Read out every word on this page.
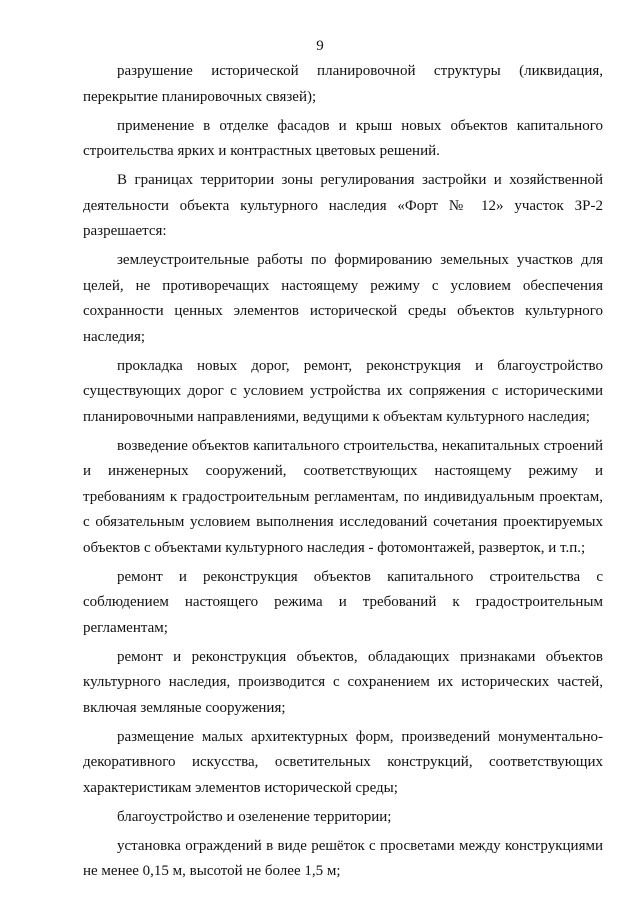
9

разрушение исторической планировочной структуры (ликвидация, перекрытие планировочных связей);

применение в отделке фасадов и крыш новых объектов капитального строительства ярких и контрастных цветовых решений.

В границах территории зоны регулирования застройки и хозяйственной деятельности объекта культурного наследия «Форт № 12» участок ЗР-2 разрешается:

землеустроительные работы по формированию земельных участков для целей, не противоречащих настоящему режиму с условием обеспечения сохранности ценных элементов исторической среды объектов культурного наследия;

прокладка новых дорог, ремонт, реконструкция и благоустройство существующих дорог с условием устройства их сопряжения с историческими планировочными направлениями, ведущими к объектам культурного наследия;

возведение объектов капитального строительства, некапитальных строений и инженерных сооружений, соответствующих настоящему режиму и требованиям к градостроительным регламентам, по индивидуальным проектам, с обязательным условием выполнения исследований сочетания проектируемых объектов с объектами культурного наследия - фотомонтажей, разверток, и т.п.;

ремонт и реконструкция объектов капитального строительства с соблюдением настоящего режима и требований к градостроительным регламентам;

ремонт и реконструкция объектов, обладающих признаками объектов культурного наследия, производится с сохранением их исторических частей, включая земляные сооружения;

размещение малых архитектурных форм, произведений монументально-декоративного искусства, осветительных конструкций, соответствующих характеристикам элементов исторической среды;

благоустройство и озеленение территории;

установка ограждений в виде решёток с просветами между конструкциями не менее 0,15 м, высотой не более 1,5 м;
